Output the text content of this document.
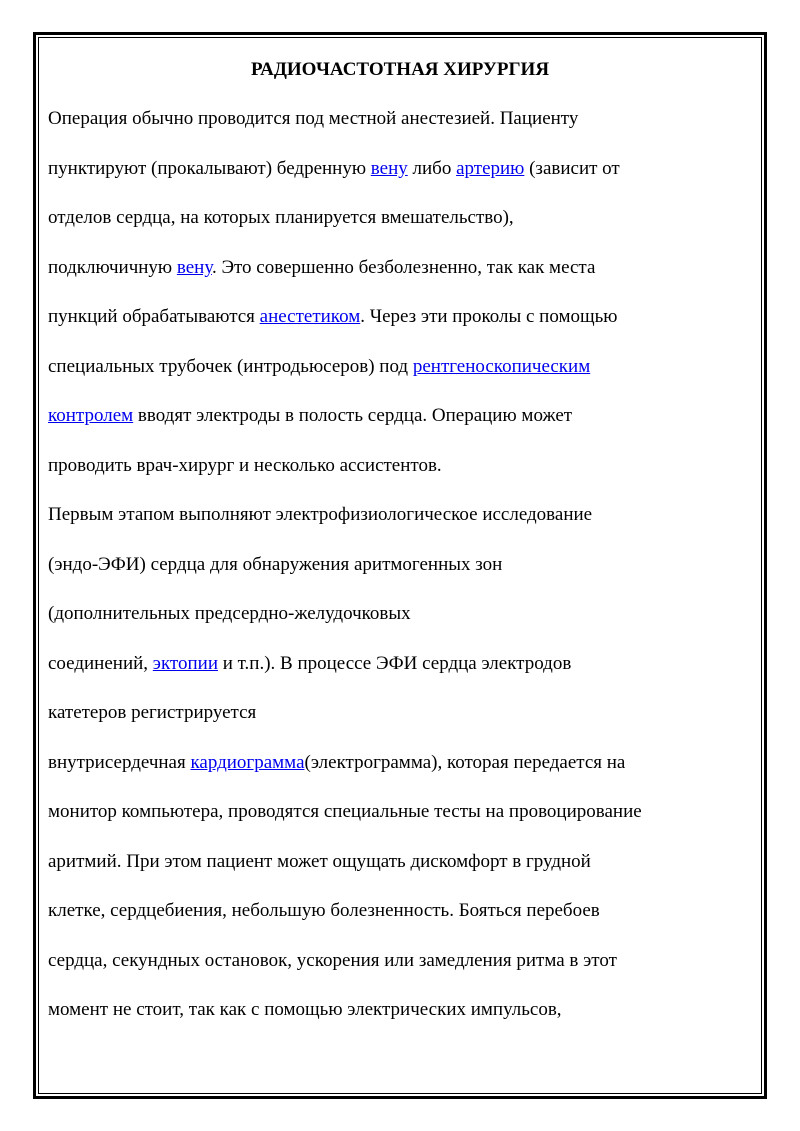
РАДИОЧАСТОТНАЯ ХИРУРГИЯ
Операция обычно проводится под местной анестезией. Пациенту
пунктируют (прокалывают) бедренную вену либо артерию (зависит от
отделов сердца, на которых планируется вмешательство),
подключичную вену. Это совершенно безболезненно, так как места
пункций обрабатываются анестетиком. Через эти проколы с помощью
специальных трубочек (интродьюсеров) под рентгеноскопическим
контролем вводят электроды в полость сердца. Операцию может
проводить врач-хирург и несколько ассистентов.
Первым этапом выполняют электрофизиологическое исследование
(эндо-ЭФИ) сердца для обнаружения аритмогенных зон
(дополнительных предсердно-желудочковых
соединений, эктопии и т.п.). В процессе ЭФИ сердца электродов
катетеров регистрируется
внутрисердечная кардиограмма(электрограмма), которая передается на
монитор компьютера, проводятся специальные тесты на провоцирование
аритмий. При этом пациент может ощущать дискомфорт в грудной
клетке, сердцебиения, небольшую болезненность. Бояться перебоев
сердца, секундных остановок, ускорения или замедления ритма в этот
момент не стоит, так как с помощью электрических импульсов,
